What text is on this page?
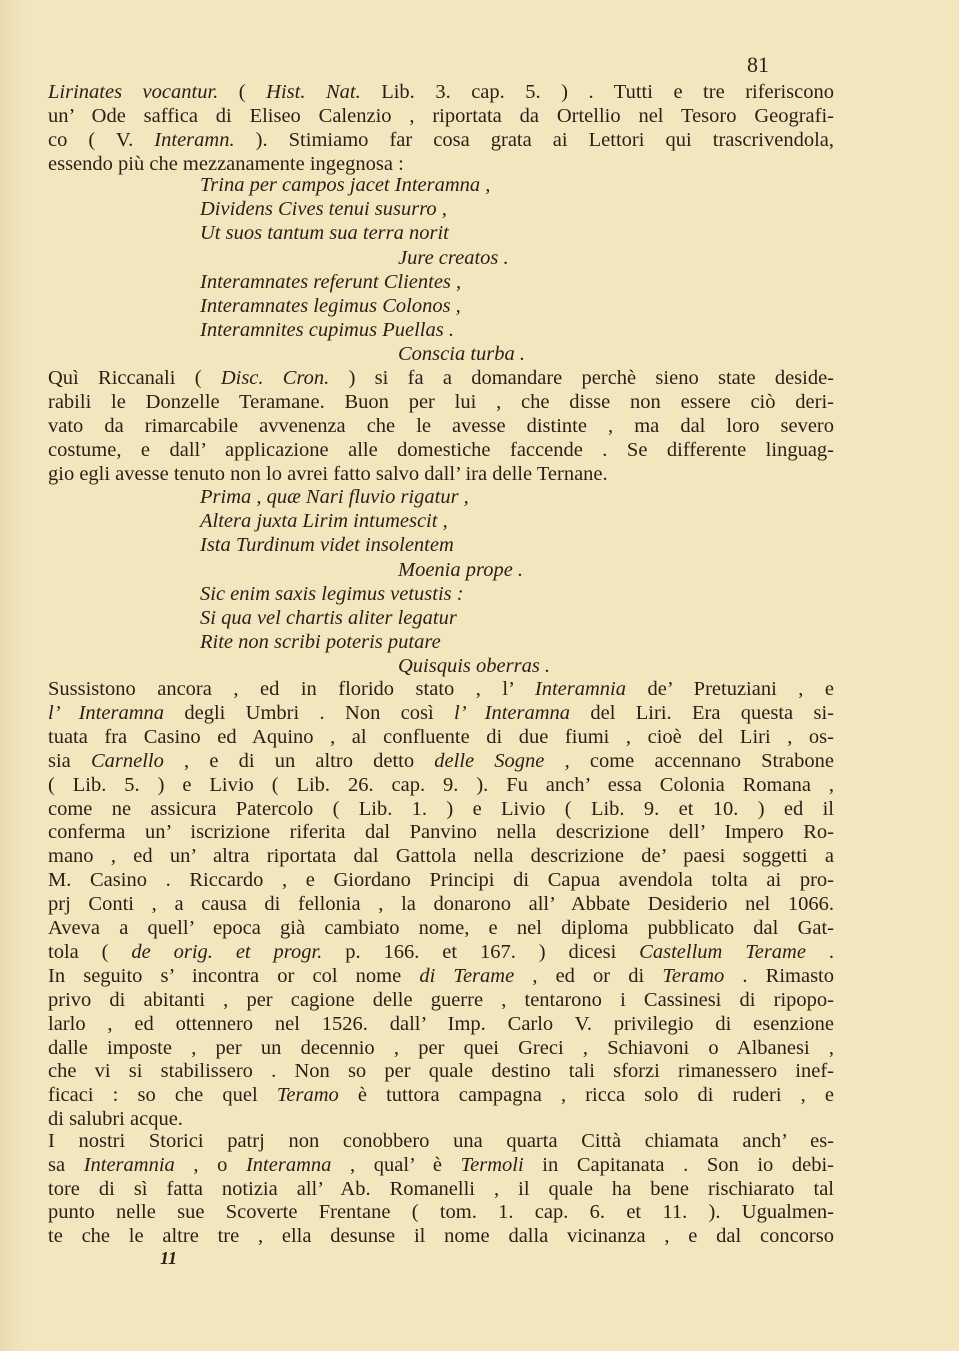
81
Lirinates vocantur. ( Hist. Nat. Lib. 3. cap. 5. ) . Tutti e tre riferiscono
un’ Ode saffica di Eliseo Calenzio , riportata da Ortellio nel Tesoro Geografi-
co ( V. Interamn. ). Stimiamo far cosa grata ai Lettori qui trascrivendola,
essendo più che mezzanamente ingegnosa :
Trina per campos jacet Interamna ,
Dividens Cives tenui susurro ,
Ut suos tantum sua terra norit
Jure creatos .
Interamnates referunt Clientes ,
Interamnates legimus Colonos ,
Interamnites cupimus Puellas .
Conscia turba .
Quì Riccanali ( Disc. Cron. ) si fa a domandare perchè sieno state deside-
rabili le Donzelle Teramane. Buon per lui , che disse non essere ciò deri-
vato da rimarcabile avvenenza che le avesse distinte , ma dal loro severo
costume, e dall’ applicazione alle domestiche faccende . Se differente linguag-
gio egli avesse tenuto non lo avrei fatto salvo dall’ ira delle Ternane.
Prima , quæ Nari fluvio rigatur ,
Altera juxta Lirim intumescit ,
Ista Turdinum videt insolentem
Moenia prope .
Sic enim saxis legimus vetustis :
Si qua vel chartis aliter legatur
Rite non scribi poteris putare
Quisquis oberras .
Sussistono ancora , ed in florido stato , l’ Interamnia de’ Pretuziani , e
l’ Interamna degli Umbri . Non così l’ Interamna del Liri. Era questa si-
tuata fra Casino ed Aquino , al confluente di due fiumi , cioè del Liri , os-
sia Carnello , e di un altro detto delle Sogne , come accennano Strabone
( Lib. 5. ) e Livio ( Lib. 26. cap. 9. ). Fu anch’ essa Colonia Romana ,
come ne assicura Patercolo ( Lib. 1. ) e Livio ( Lib. 9. et 10. ) ed il
conferma un’ iscrizione riferita dal Panvino nella descrizione dell’ Impero Ro-
mano , ed un’ altra riportata dal Gattola nella descrizione de’ paesi soggetti a
M. Casino . Riccardo , e Giordano Principi di Capua avendola tolta ai pro-
prj Conti , a causa di fellonia , la donarono all’ Abbate Desiderio nel 1066.
Aveva a quell’ epoca già cambiato nome, e nel diploma pubblicato dal Gat-
tola ( de orig. et progr. p. 166. et 167. ) dicesi Castellum Terame .
In seguito s’ incontra or col nome di Terame , ed or di Teramo . Rimasto
privo di abitanti , per cagione delle guerre , tentarono i Cassinesi di ripopo-
larlo , ed ottennero nel 1526. dall’ Imp. Carlo V. privilegio di esenzione
dalle imposte , per un decennio , per quei Greci , Schiavoni o Albanesi ,
che vi si stabilissero . Non so per quale destino tali sforzi rimanessero inef-
ficaci : so che quel Teramo è tuttora campagna , ricca solo di ruderi , e
di salubri acque.
I nostri Storici patrj non conobbero una quarta Città chiamata anch’ es-
sa Interamnia , o Interamna , qual’ è Termoli in Capitanata . Son io debi-
tore di sì fatta notizia all’ Ab. Romanelli , il quale ha bene rischiarato tal
punto nelle sue Scoverte Frentane ( tom. 1. cap. 6. et 11. ). Ugualmen-
te che le altre tre , ella desunse il nome dalla vicinanza , e dal concorso
11
